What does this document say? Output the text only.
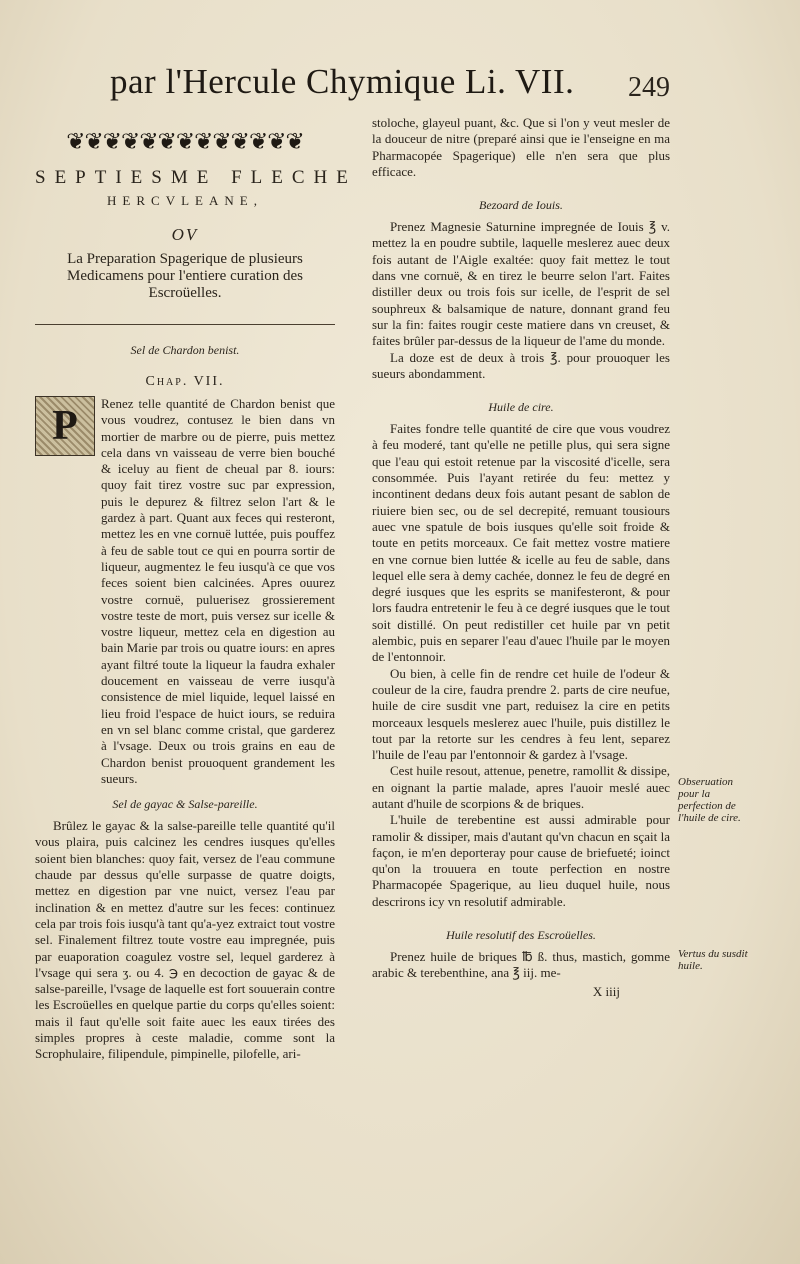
par l'Hercule Chymique Li. VII. 249
❦❦❦❦❦❦❦❦❦❦❦❦❦
SEPTIESME FLECHE
HERCVLEANE,
OV
La Preparation Spagerique de plusieurs Medicamens pour l'entiere curation des Escroüelles.
Sel de Chardon benist.
Chap. VII.
P	Renez telle quantité de Chardon benist que vous voudrez, contusez le bien dans vn mortier de marbre ou de pierre, puis mettez cela dans vn vaisseau de verre bien bouché & iceluy au fient de cheual par 8. iours: quoy fait tirez vostre suc par expression, puis le depurez & filtrez selon l'art & le gardez à part. Quant aux feces qui resteront, mettez les en vne cornuë luttée, puis pouffez à feu de sable tout ce qui en pourra sortir de liqueur, augmentez le feu iusqu'à ce que vos feces soient bien calcinées. Apres ouurez vostre cornuë, puluerisez grossierement vostre teste de mort, puis versez sur icelle & vostre liqueur, mettez cela en digestion au bain Marie par trois ou quatre iours: en apres ayant filtré toute la liqueur la faudra exhaler doucement en vaisseau de verre iusqu'à consistence de miel liquide, lequel laissé en lieu froid l'espace de huict iours, se reduira en vn sel blanc comme cristal, que garderez à l'vsage. Deux ou trois grains en eau de Chardon benist prouoquent grandement les sueurs.
Sel de gayac & Salse-pareille.
Brûlez le gayac & la salse-pareille telle quantité qu'il vous plaira, puis calcinez les cendres iusques qu'elles soient bien blanches: quoy fait, versez de l'eau commune chaude par dessus qu'elle surpasse de quatre doigts, mettez en digestion par vne nuict, versez l'eau par inclination & en mettez d'autre sur les feces: continuez cela par trois fois iusqu'à tant qu'a-yez extraict tout vostre sel. Finalement filtrez toute vostre eau impregnée, puis par euaporation coagulez vostre sel, lequel garderez à l'vsage qui sera ʒ. ou 4. ℈ en decoction de gayac & de salse-pareille, l'vsage de laquelle est fort souuerain contre les Escroüelles en quelque partie du corps qu'elles soient: mais il faut qu'elle soit faite auec les eaux tirées des simples propres à ceste maladie, comme sont la Scrophulaire, filipendule, pimpinelle, pilofelle, ari-
stoloche, glayeul puant, &c. Que si l'on y veut mesler de la douceur de nitre (preparé ainsi que ie l'enseigne en ma Pharmacopée Spagerique) elle n'en sera que plus efficace.
Bezoard de Iouis.
Prenez Magnesie Saturnine impregnée de Iouis ℥ v. mettez la en poudre subtile, laquelle meslerez auec deux fois autant de l'Aigle exaltée: quoy fait mettez le tout dans vne cornuë, & en tirez le beurre selon l'art. Faites distiller deux ou trois fois sur icelle, de l'esprit de sel souphreux & balsamique de nature, donnant grand feu sur la fin: faites rougir ceste matiere dans vn creuset, & faites brûler par-dessus de la liqueur de l'ame du monde.
La doze est de deux à trois ℥. pour prouoquer les sueurs abondamment.
Huile de cire.
Faites fondre telle quantité de cire que vous voudrez à feu moderé, tant qu'elle ne petille plus, qui sera signe que l'eau qui estoit retenue par la viscosité d'icelle, sera consommée. Puis l'ayant retirée du feu: mettez y incontinent dedans deux fois autant pesant de sablon de riuiere bien sec, ou de sel decrepité, remuant tousiours auec vne spatule de bois iusques qu'elle soit froide & toute en petits morceaux. Ce fait mettez vostre matiere en vne cornue bien luttée & icelle au feu de sable, dans lequel elle sera à demy cachée, donnez le feu de degré en degré iusques que les esprits se manifesteront, & pour lors faudra entretenir le feu à ce degré iusques que le tout soit distillé. On peut redistiller cet huile par vn petit alembic, puis en separer l'eau d'auec l'huile par le moyen de l'entonnoir.
Ou bien, à celle fin de rendre cet huile de l'odeur & couleur de la cire, faudra prendre 2. parts de cire neufue, huile de cire susdit vne part, reduisez la cire en petits morceaux lesquels meslerez auec l'huile, puis distillez le tout par la retorte sur les cendres à feu lent, separez l'huile de l'eau par l'entonnoir & gardez à l'vsage.
Cest huile resout, attenue, penetre, ramollit & dissipe, en oignant la partie malade, apres l'auoir meslé auec autant d'huile de scorpions & de briques.
L'huile de terebentine est aussi admirable pour ramolir & dissiper, mais d'autant qu'vn chacun en sçait la façon, ie m'en deporteray pour cause de briefueté; ioinct qu'on la trouuera en toute perfection en nostre Pharmacopée Spagerique, au lieu duquel huile, nous descrirons icy vn resolutif admirable.
Huile resolutif des Escroüelles.
Prenez huile de briques ℔ ß. thus, mastich, gomme arabic & terebenthine, ana ℥ iij. me-
X iiij
Obseruation pour la perfection de l'huile de cire.
Vertus du susdit huile.
